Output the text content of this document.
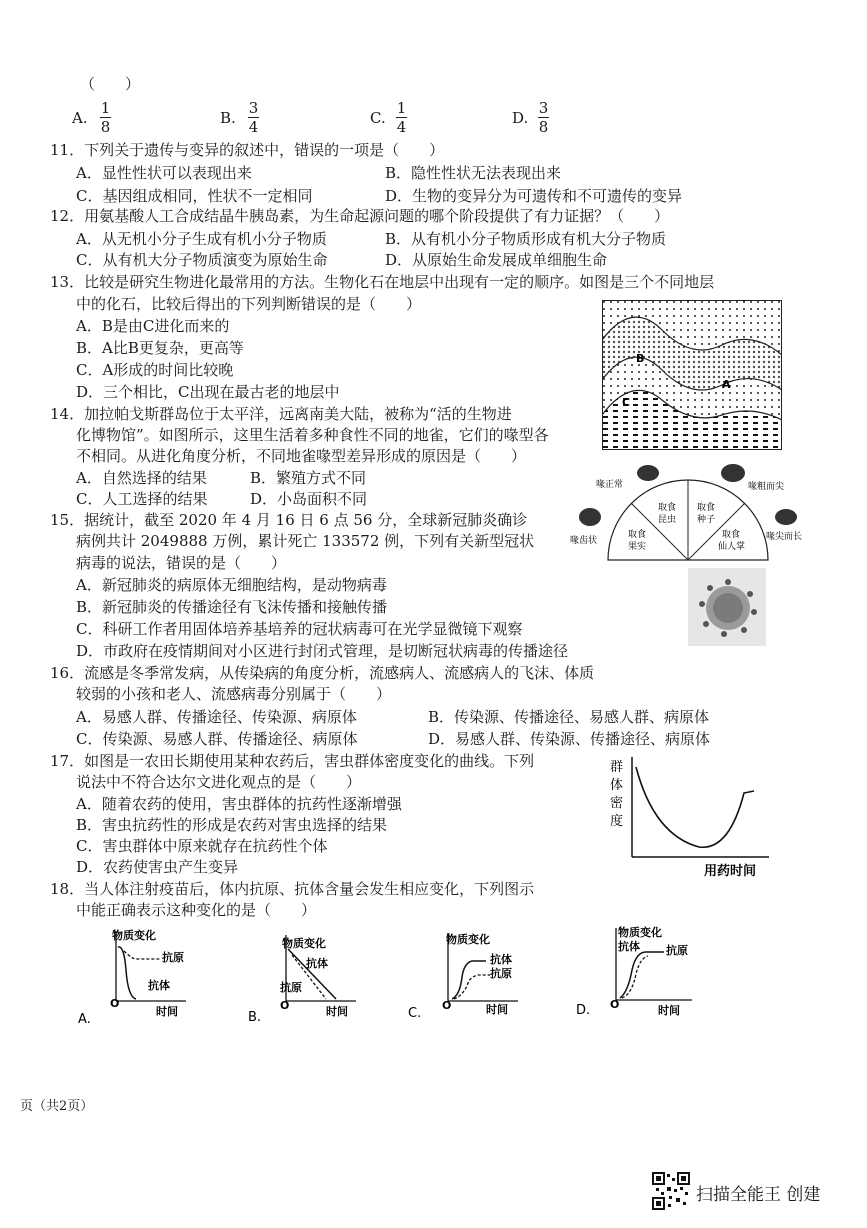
（　　）
A.
1
8	B.
3
4	C.
1
4	D.
3
8
11．下列关于遗传与变异的叙述中，错误的一项是（　　）
A．显性性状可以表现出来	B．隐性性状无法表现出来
C．基因组成相同，性状不一定相同	D．生物的变异分为可遗传和不可遗传的变异
12．用氨基酸人工合成结晶牛胰岛素，为生命起源问题的哪个阶段提供了有力证据？（　　）
A．从无机小分子生成有机小分子物质	B．从有机小分子物质形成有机大分子物质
C．从有机大分子物质演变为原始生命	D．从原始生命发展成单细胞生命
13．比较是研究生物进化最常用的方法。生物化石在地层中出现有一定的顺序。如图是三个不同地层
中的化石，比较后得出的下列判断错误的是（　　）
A．B是由C进化而来的
B．A比B更复杂，更高等
C．A形成的时间比较晚
D．三个相比，C出现在最古老的地层中
B
A
C
14．加拉帕戈斯群岛位于太平洋，远离南美大陆，被称为“活的生物进
化博物馆”。如图所示，这里生活着多种食性不同的地雀，它们的喙型各
不相同。从进化角度分析，不同地雀喙型差异形成的原因是（　　）
A．自然选择的结果	B．繁殖方式不同
C．人工选择的结果	D．小岛面积不同	取食
昆虫
取食
种子
取食
果实
取食
仙人掌
喙正常	喙粗而尖
喙齿状	喙尖而长
15．据统计，截至 2020 年 4 月 16 日 6 点 56 分，全球新冠肺炎确诊
病例共计 2049888 万例，累计死亡 133572 例，下列有关新型冠状
病毒的说法，错误的是（　　）
A．新冠肺炎的病原体无细胞结构，是动物病毒
B．新冠肺炎的传播途径有飞沫传播和接触传播
C．科研工作者用固体培养基培养的冠状病毒可在光学显微镜下观察
D．市政府在疫情期间对小区进行封闭式管理，是切断冠状病毒的传播途径
16．流感是冬季常发病，从传染病的角度分析，流感病人、流感病人的飞沫、体质
较弱的小孩和老人、流感病毒分别属于（　　）
A．易感人群、传播途径、传染源、病原体	B．传染源、传播途径、易感人群、病原体
C．传染源、易感人群、传播途径、病原体	D．易感人群、传染源、传播途径、病原体
17．如图是一农田长期使用某种农药后，害虫群体密度变化的曲线。下列
说法中不符合达尔文进化观点的是（　　）
A．随着农药的使用，害虫群体的抗药性逐渐增强
B．害虫抗药性的形成是农药对害虫选择的结果
C．害虫群体中原来就存在抗药性个体
D．农药使害虫产生变异
群
体
密
度
用药时间
18．当人体注射疫苗后，体内抗原、抗体含量会发生相应变化，下列图示
中能正确表示这种变化的是（　　）
物质变化
抗原
抗体
O
时间
A.
物质变化
抗体
抗原
O	时间
B.
物质变化
抗体
抗原
O	时间
C.
物质变化
抗体 抗原
O	时间
D.
页（共2页）
扫描全能王 创建
